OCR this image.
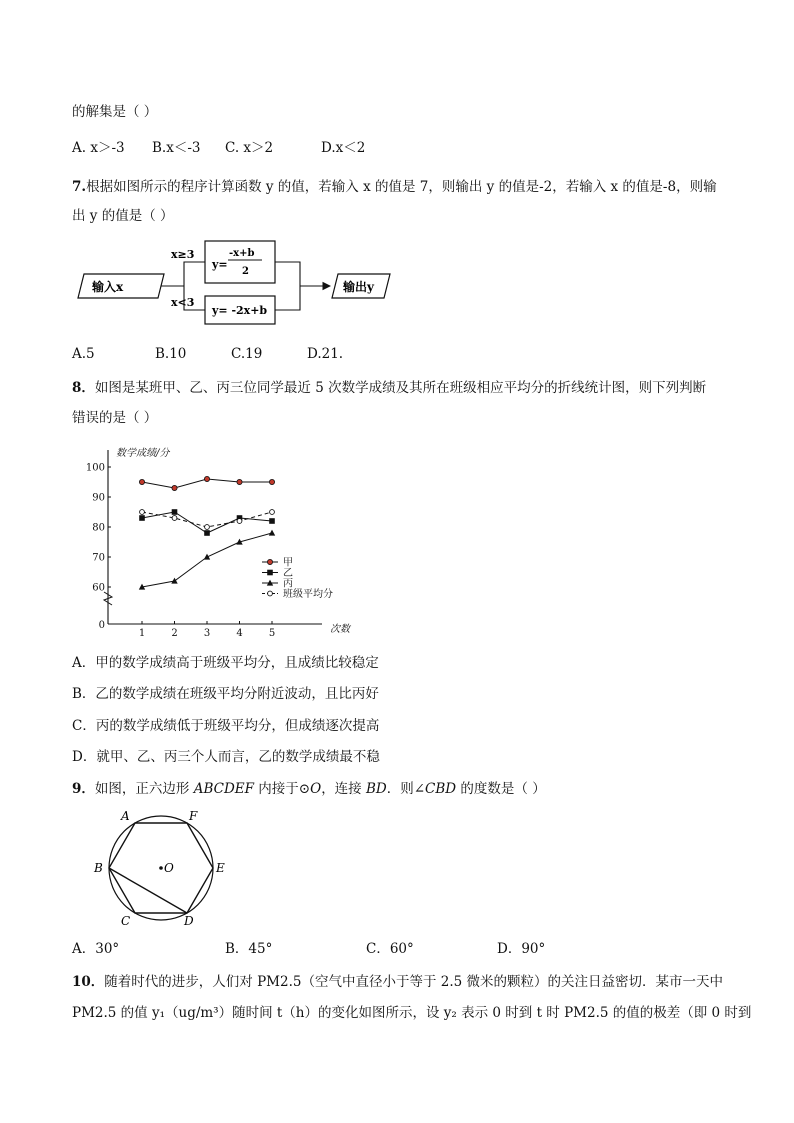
的解集是（ ）
A. x＞-3 B.x＜-3 C. x＞2	D.x＜2
7.根据如图所示的程序计算函数 y 的值，若输入 x 的值是 7，则输出 y 的值是-2，若输入 x 的值是-8，则输
出 y 的值是（ ）
输入x
x≥3
x<3
y=
-x+b
2
y= -2x+b
输出y
A.5	B.10	C.19	D.21.
8．如图是某班甲、乙、丙三位同学最近 5 次数学成绩及其所在班级相应平均分的折线统计图，则下列判断
错误的是（ ）
数学成绩/分
次数
0
60
70
80
90
100
1	2	3	4	5
甲
乙
丙
班级平均分
A．甲的数学成绩高于班级平均分，且成绩比较稳定
B．乙的数学成绩在班级平均分附近波动，且比丙好
C．丙的数学成绩低于班级平均分，但成绩逐次提高
D．就甲、乙、丙三个人而言，乙的数学成绩最不稳
9．如图，正六边形 ABCDEF 内接于⊙O，连接 BD．则∠CBD 的度数是（ ）
A	F
B	E
C	D
O
A．30°	B．45°	C．60°	D．90°
10．随着时代的进步，人们对 PM2.5（空气中直径小于等于 2.5 微米的颗粒）的关注日益密切．某市一天中
PM2.5 的值 y₁（ug/m³）随时间 t（h）的变化如图所示，设 y₂ 表示 0 时到 t 时 PM2.5 的值的极差（即 0 时到
